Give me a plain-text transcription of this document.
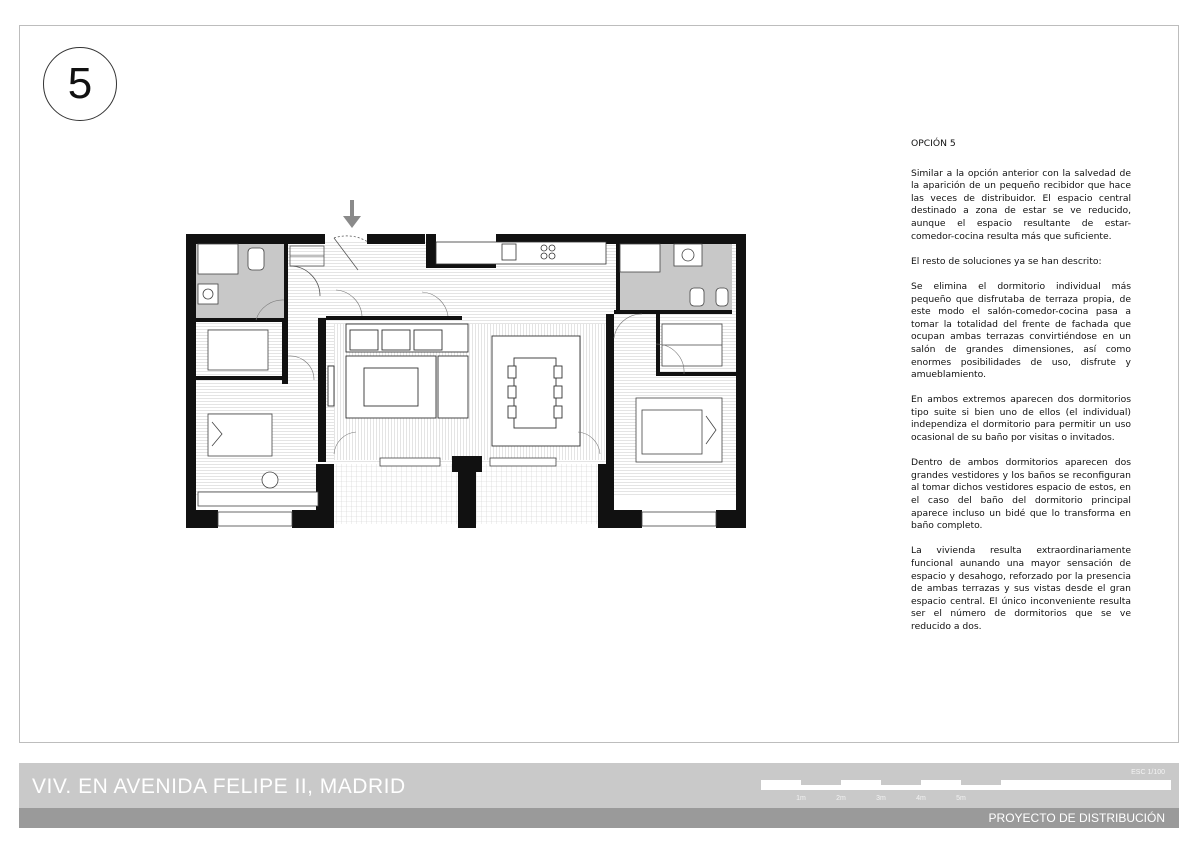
5

OPCIÓN 5

Similar a la opción anterior con la salvedad de la aparición de un pequeño recibidor que hace las veces de distribuidor. El espacio central destinado a zona de estar se ve reducido, aunque el espacio resultante de estar-comedor-cocina resulta más que suficiente.

El resto de soluciones ya se han descrito:

Se elimina el dormitorio individual más pequeño que disfrutaba de terraza propia, de este modo el salón-comedor-cocina pasa a tomar la totalidad del frente de fachada que ocupan ambas terrazas convirtiéndose en un salón de grandes dimensiones, así como enormes posibilidades de uso, disfrute y amueblamiento.

En ambos extremos aparecen dos dormitorios tipo suite si bien uno de ellos (el individual) independiza el dormitorio para permitir un uso ocasional de su baño por visitas o invitados.

Dentro de ambos dormitorios aparecen dos grandes vestidores y los baños se reconfiguran al tomar dichos vestidores espacio de estos, en el caso del baño del dormitorio principal aparece incluso un bidé que lo transforma en baño completo.

La vivienda resulta extraordinariamente funcional aunando una mayor sensación de espacio y desahogo, reforzado por la presencia de ambas terrazas y sus vistas desde el gran espacio central. El único inconveniente resulta ser el número de dormitorios que se ve reducido a dos.

VIV. EN AVENIDA FELIPE II, MADRID
ESC 1/100
1m	2m	3m	4m	5m
PROYECTO DE DISTRIBUCIÓN
